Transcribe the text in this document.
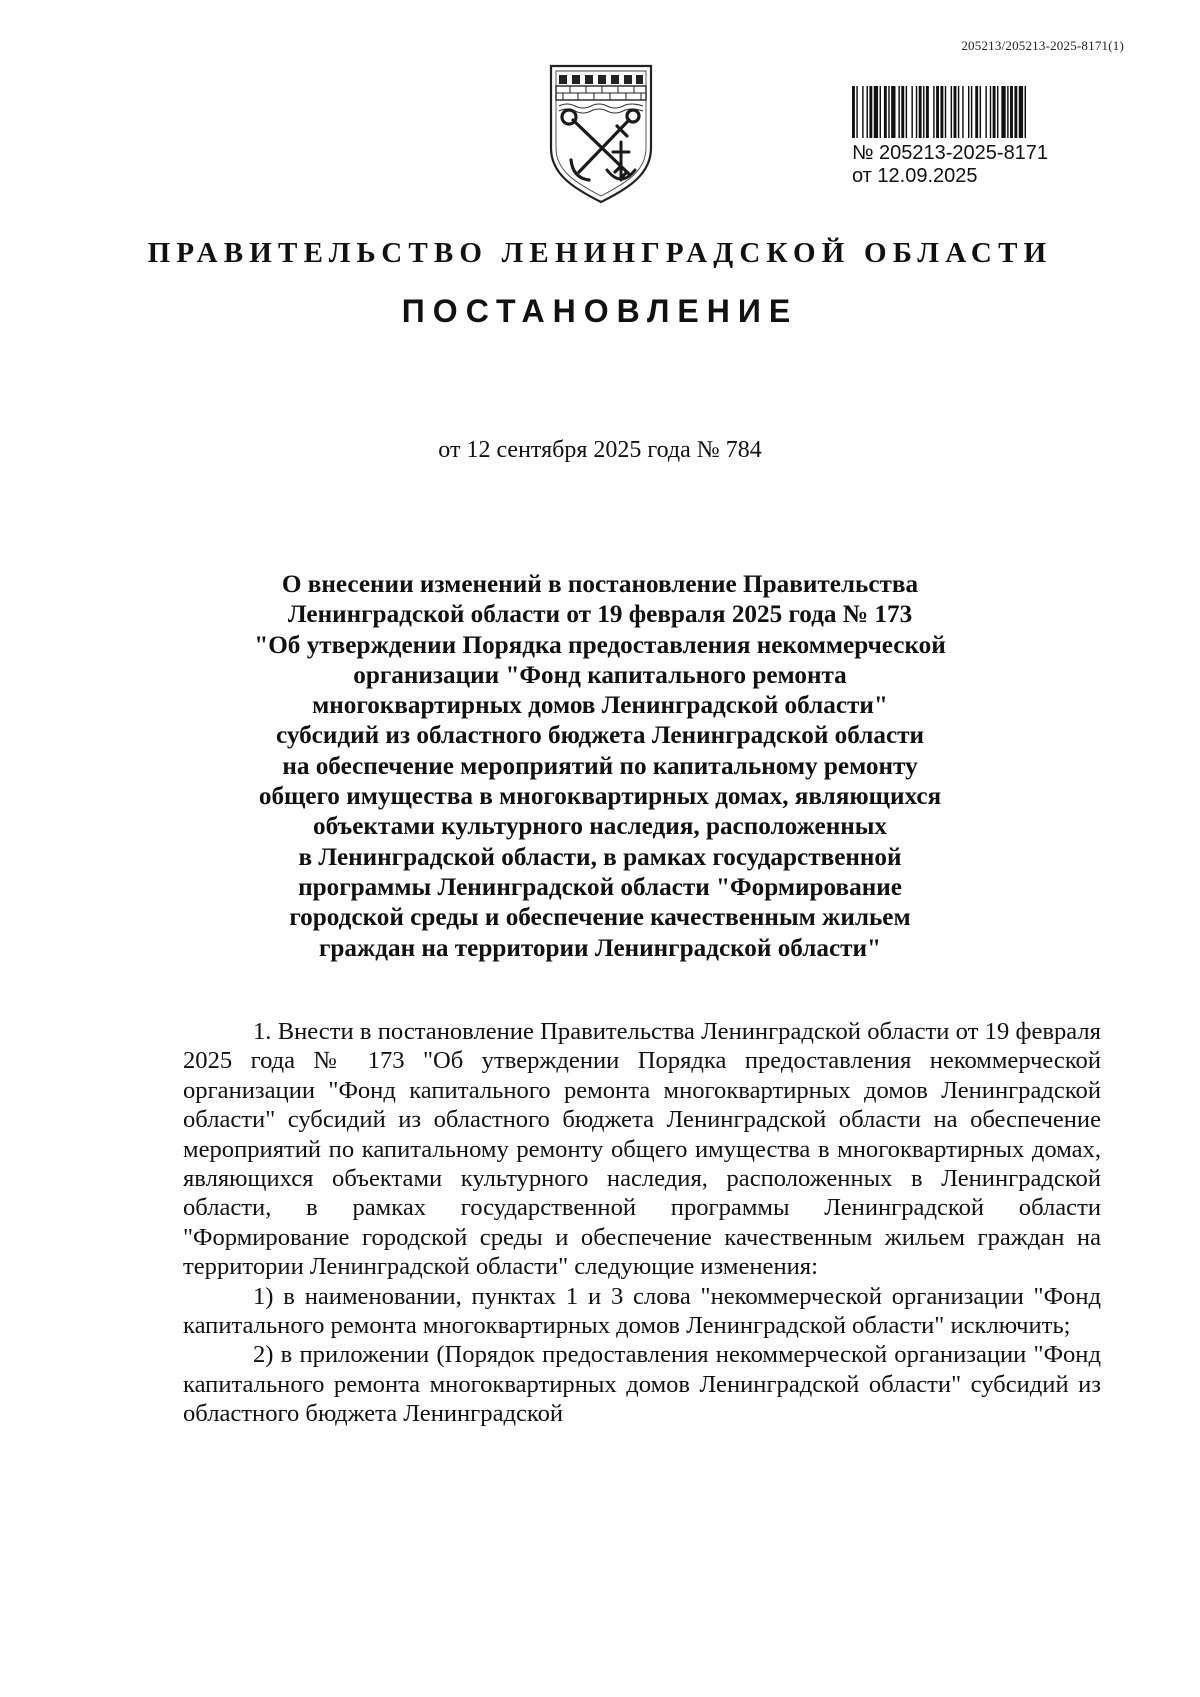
205213/205213-2025-8171(1)
№ 205213-2025-8171
от 12.09.2025
ПРАВИТЕЛЬСТВО ЛЕНИНГРАДСКОЙ ОБЛАСТИ
ПОСТАНОВЛЕНИЕ
от 12 сентября 2025 года № 784
О внесении изменений в постановление Правительства
Ленинградской области от 19 февраля 2025 года № 173
"Об утверждении Порядка предоставления некоммерческой
организации "Фонд капитального ремонта
многоквартирных домов Ленинградской области"
субсидий из областного бюджета Ленинградской области
на обеспечение мероприятий по капитальному ремонту
общего имущества в многоквартирных домах, являющихся
объектами культурного наследия, расположенных
в Ленинградской области, в рамках государственной
программы Ленинградской области "Формирование
городской среды и обеспечение качественным жильем
граждан на территории Ленинградской области"

1. Внести в постановление Правительства Ленинградской области от 19 февраля 2025 года № 173 "Об утверждении Порядка предоставления некоммерческой организации "Фонд капитального ремонта многоквартирных домов Ленинградской области" субсидий из областного бюджета Ленинградской области на обеспечение мероприятий по капитальному ремонту общего имущества в многоквартирных домах, являющихся объектами культурного наследия, расположенных в Ленинградской области, в рамках государственной программы Ленинградской области "Формирование городской среды и обеспечение качественным жильем граждан на территории Ленинградской области" следующие изменения:

1) в наименовании, пунктах 1 и 3 слова "некоммерческой организации "Фонд капитального ремонта многоквартирных домов Ленинградской области" исключить;

2) в приложении (Порядок предоставления некоммерческой организации "Фонд капитального ремонта многоквартирных домов Ленинградской области" субсидий из областного бюджета Ленинградской
